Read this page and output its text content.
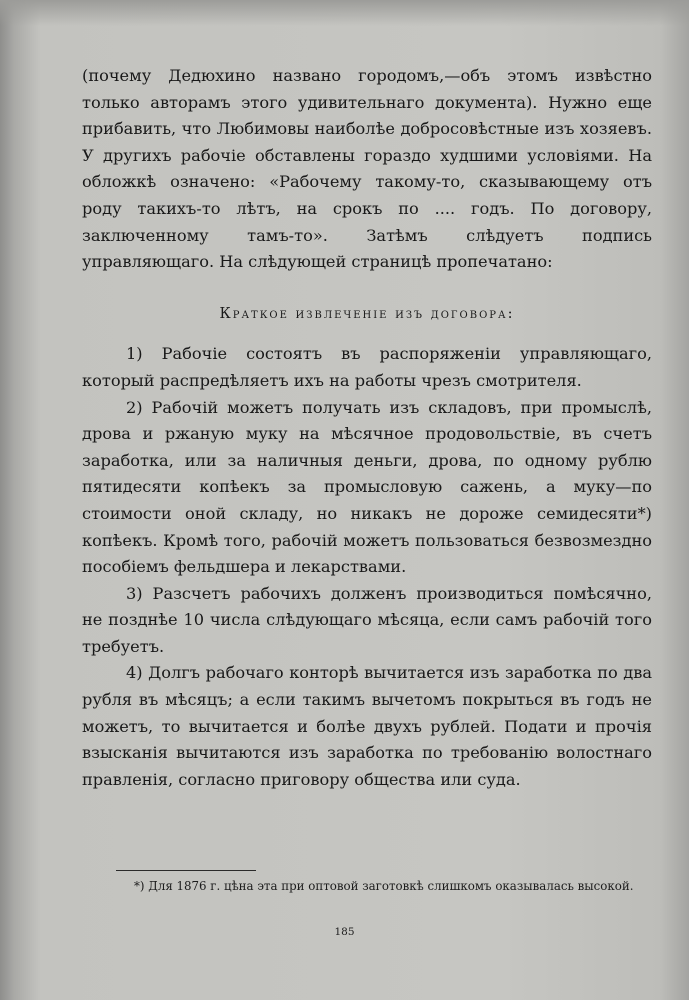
(почему Дедюхино названо городомъ,—объ этомъ извѣстно только авторамъ этого удивительнаго документа). Нужно еще прибавить, что Любимовы наиболѣе добросовѣстные изъ хозяевъ. У другихъ рабочіе обставлены гораздо худшими условіями. На обложкѣ означено: «Рабочему такому-то, сказывающему отъ роду такихъ-то лѣтъ, на срокъ по .... годъ. По договору, заключенному тамъ-то». Затѣмъ слѣдуетъ подпись управляющаго. На слѣдующей страницѣ пропечатано:

Краткое извлеченіе изъ договора:

1) Рабочіе состоятъ въ распоряженіи управляющаго, который распредѣляетъ ихъ на работы чрезъ смотрителя.

2) Рабочій можетъ получать изъ складовъ, при промыслѣ, дрова и ржаную муку на мѣсячное продовольствіе, въ счетъ заработка, или за наличныя деньги, дрова, по одному рублю пятидесяти копѣекъ за промысловую сажень, а муку—по стоимости оной складу, но никакъ не дороже семидесяти*) копѣекъ. Кромѣ того, рабочій можетъ пользоваться безвозмездно пособіемъ фельдшера и лекарствами.

3) Разсчетъ рабочихъ долженъ производиться помѣсячно, не позднѣе 10 числа слѣдующаго мѣсяца, если самъ рабочій того требуетъ.

4) Долгъ рабочаго конторѣ вычитается изъ заработка по два рубля въ мѣсяцъ; а если такимъ вычетомъ покрыться въ годъ не можетъ, то вычитается и болѣе двухъ рублей. Подати и прочія взысканія вычитаются изъ заработка по требованію волостнаго правленія, согласно приговору общества или суда.

*) Для 1876 г. цѣна эта при оптовой заготовкѣ слишкомъ оказывалась высокой.
185
